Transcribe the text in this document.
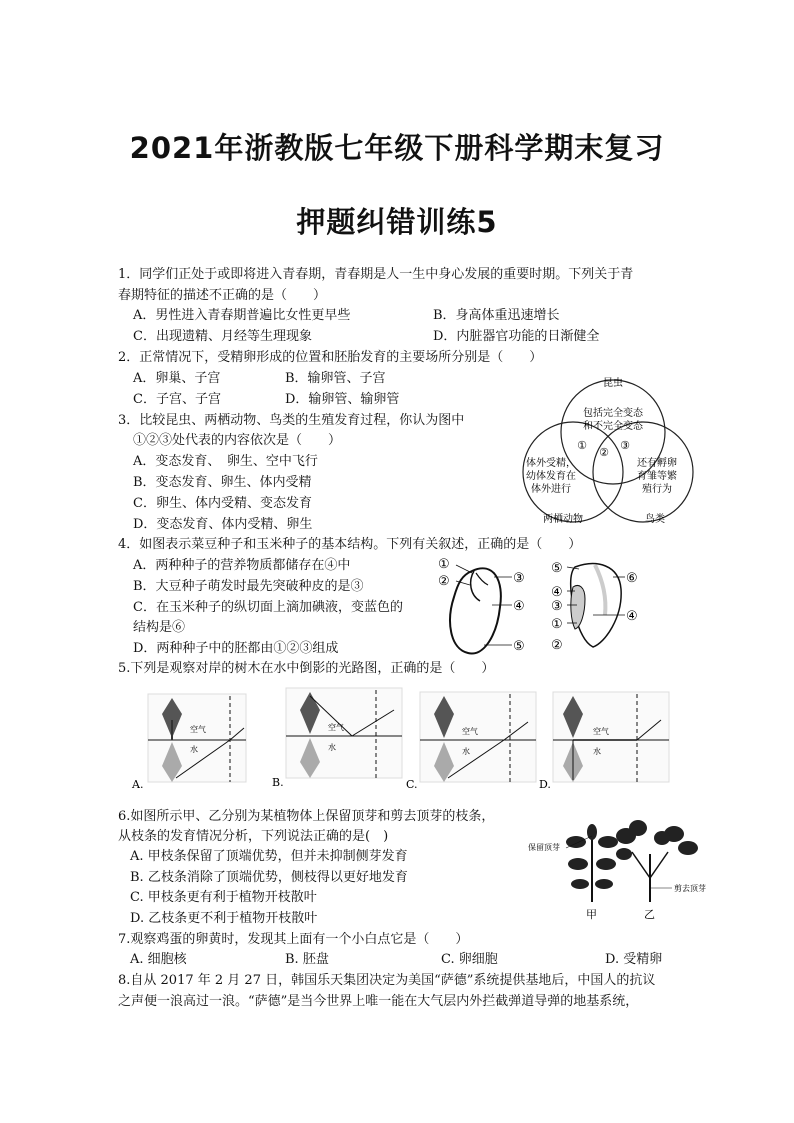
2021年浙教版七年级下册科学期末复习
押题纠错训练5
1．同学们正处于或即将进入青春期，青春期是人一生中身心发展的重要时期。下列关于青
春期特征的描述不正确的是（　　）
A．男性进入青春期普遍比女性更早些	B．身高体重迅速增长
C．出现遗精、月经等生理现象	D．内脏器官功能的日渐健全
2．正常情况下，受精卵形成的位置和胚胎发育的主要场所分别是（　　）
A．卵巢、子宫	B．输卵管、子宫
C．子宫、子宫	D．输卵管、输卵管
3．比较昆虫、两栖动物、鸟类的生殖发育过程，你认为图中
①②③处代表的内容依次是（　　）
A．变态发育、　卵生、空中飞行
B．变态发育、卵生、体内受精
C．卵生、体内受精、变态发育
D．变态发育、体内受精、卵生
昆虫
包括完全变态
和不完全变态
①
②
③
体外受精，
幼体发育在
体外进行
还有孵卵
育雏等繁
殖行为
两栖动物	鸟类
4．如图表示菜豆种子和玉米种子的基本结构。下列有关叙述，正确的是（　　）
A．两种种子的营养物质都储存在④中
B．大豆种子萌发时最先突破种皮的是③
C．在玉米种子的纵切面上滴加碘液，变蓝色的
结构是⑥
D．两种种子中的胚都由①②③组成
①
②	③
④
⑤
⑤
④
③
①
②
⑥
④
5.下列是观察对岸的树木在水中倒影的光路图，正确的是（　　）
空气
水
A.
空气
水
B.
空气
水
C.
空气
水
D.
6.如图所示甲、乙分别为某植物体上保留顶芽和剪去顶芽的枝条，
从枝条的发育情况分析，下列说法正确的是(　)
A. 甲枝条保留了顶端优势，但并未抑制侧芽发育
B. 乙枝条消除了顶端优势，侧枝得以更好地发育
C. 甲枝条更有利于植物开枝散叶
D. 乙枝条更不利于植物开枝散叶
保留顶芽
剪去顶芽
甲	乙
7.观察鸡蛋的卵黄时，发现其上面有一个小白点它是（　　）
A. 细胞核	B. 胚盘	C. 卵细胞	D. 受精卵
8.自从 2017 年 2 月 27 日，韩国乐天集团决定为美国“萨德”系统提供基地后，中国人的抗议
之声便一浪高过一浪。“萨德”是当今世界上唯一能在大气层内外拦截弹道导弹的地基系统，
